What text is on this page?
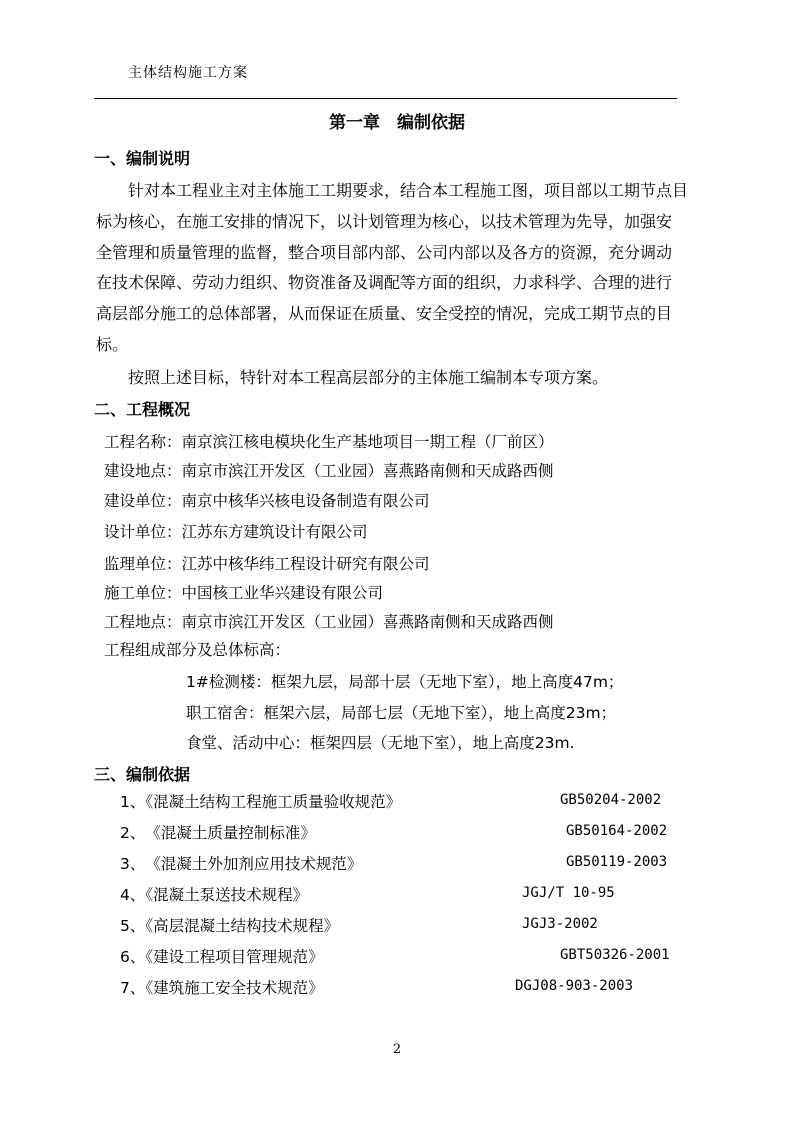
主体结构施工方案
第一章　编制依据
一、编制说明
　　针对本工程业主对主体施工工期要求，结合本工程施工图，项目部以工期节点目
标为核心，在施工安排的情况下，以计划管理为核心，以技术管理为先导，加强安
全管理和质量管理的监督，整合项目部内部、公司内部以及各方的资源，充分调动
在技术保障、劳动力组织、物资准备及调配等方面的组织，力求科学、合理的进行
高层部分施工的总体部署，从而保证在质量、安全受控的情况，完成工期节点的目
标。
　　按照上述目标，特针对本工程高层部分的主体施工编制本专项方案。
二、工程概况
工程名称：南京滨江核电模块化生产基地项目一期工程（厂前区）
建设地点：南京市滨江开发区（工业园）喜燕路南侧和天成路西侧
建设单位：南京中核华兴核电设备制造有限公司
设计单位：江苏东方建筑设计有限公司
监理单位：江苏中核华纬工程设计研究有限公司
施工单位：中国核工业华兴建设有限公司
工程地点：南京市滨江开发区（工业园）喜燕路南侧和天成路西侧
工程组成部分及总体标高：
1#检测楼：框架九层，局部十层（无地下室），地上高度47m；
职工宿舍：框架六层，局部七层（无地下室），地上高度23m；
食堂、活动中心：框架四层（无地下室），地上高度23m.
三、编制依据
1、《混凝土结构工程施工质量验收规范》	GB50204-2002
2、　《混凝土质量控制标准》	GB50164-2002
3、　《混凝土外加剂应用技术规范》	GB50119-2003
4、《混凝土泵送技术规程》	JGJ/T 10-95
5、《高层混凝土结构技术规程》	JGJ3-2002
6、《建设工程项目管理规范》	GBT50326-2001
7、《建筑施工安全技术规范》	DGJ08-903-2003
2
